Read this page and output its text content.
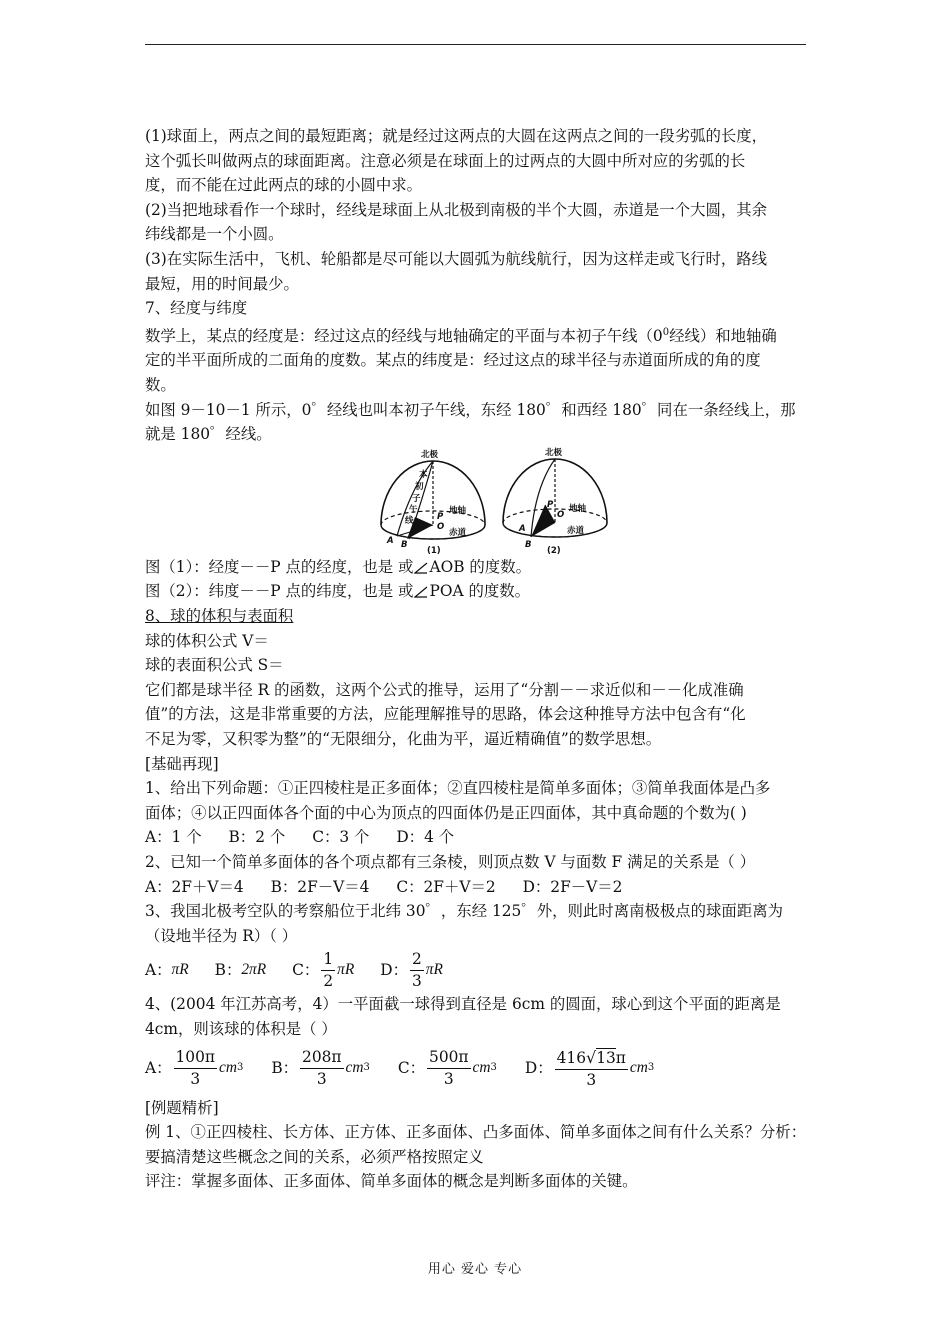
(1)球面上，两点之间的最短距离；就是经过这两点的大圆在这两点之间的一段劣弧的长度，

这个弧长叫做两点的球面距离。注意必须是在球面上的过两点的大圆中所对应的劣弧的长

度，而不能在过此两点的球的小圆中求。

(2)当把地球看作一个球时，经线是球面上从北极到南极的半个大圆，赤道是一个大圆，其余

纬线都是一个小圆。

(3)在实际生活中，飞机、轮船都是尽可能以大圆弧为航线航行，因为这样走或飞行时，路线

最短，用的时间最少。

7、经度与纬度

数学上，某点的经度是：经过这点的经线与地轴确定的平面与本初子午线（$0^0$经线）和地轴确

定的半平面所成的二面角的度数。某点的纬度是：经过这点的球半径与赤道面所成的角的度

数。

如图 9－10－1 所示，0゜经线也叫本初子午线，东经 180゜和西经 180゜同在一条经线上，那

就是 180゜经线。

北极
本
初
子
午
线	P
O
地轴
赤道
A B
(1)
北极
P
O
地轴
赤道
A
B
(2)

图（1）：经度－－P 点的经度，也是 或 AOB 的度数。

图（2）：纬度－－P 点的纬度，也是 或 POA 的度数。

8、球的体积与表面积

球的体积公式 V＝

球的表面积公式 S＝

它们都是球半径 R 的函数，这两个公式的推导，运用了“分割－－求近似和－－化成准确

值”的方法，这是非常重要的方法，应能理解推导的思路，体会这种推导方法中包含有“化

不足为零，又积零为整”的“无限细分，化曲为平，逼近精确值”的数学思想。

[基础再现]

1、给出下列命题：①正四棱柱是正多面体；②直四棱柱是简单多面体；③简单我面体是凸多

面体；④以正四面体各个面的中心为顶点的四面体仍是正四面体，其中真命题的个数为( )

A：1 个 B：2 个 C：3 个 D：4 个

2、已知一个简单多面体的各个项点都有三条棱，则顶点数 V 与面数 F 满足的关系是（ ）

A：2F＋V＝4 B：2F－V＝4 C：2F＋V＝2 D：2F－V＝2

3、我国北极考空队的考察船位于北纬 30゜，东经 125゜外，则此时离南极极点的球面距离为

（设地半径为 R）（ ）

A： πR B： 2πR C： $\frac{1}{2}$ πR D： $\frac{2}{3}$ πR

4、(2004 年江苏高考，4）一平面截一球得到直径是 6cm 的圆面，球心到这个平面的距离是

4cm，则该球的体积是（ ）

A： $\frac{100\pi}{3}$ cm 3 B： $\frac{208\pi}{3}$ cm 3 C： $\frac{500\pi}{3}$ cm 3 D： $\frac{416√13\pi}{3}$ cm 3

[例题精析]

例 1、①正四棱柱、长方体、正方体、正多面体、凸多面体、简单多面体之间有什么关系？分析：

要搞清楚这些概念之间的关系，必须严格按照定义

评注：掌握多面体、正多面体、简单多面体的概念是判断多面体的关键。

用心 爱心 专心
